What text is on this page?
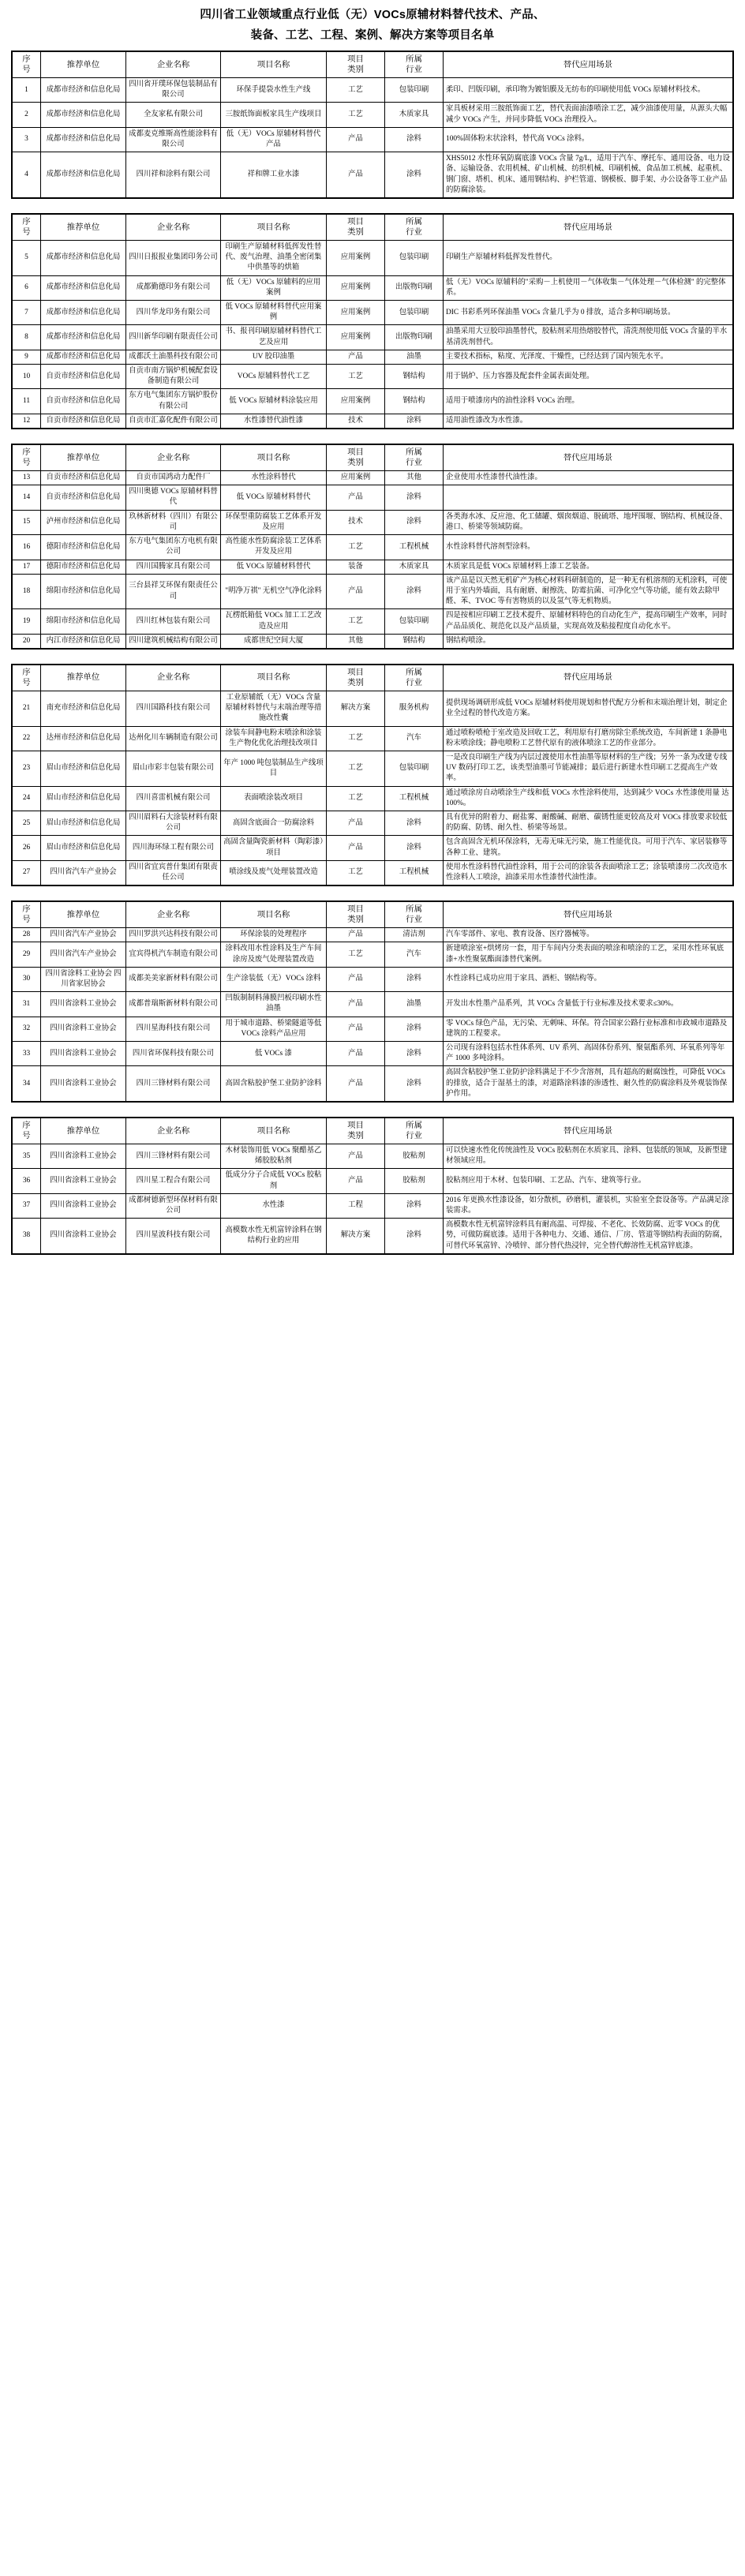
四川省工业领域重点行业低（无）VOCs原辅材料替代技术、产品、
装备、工艺、工程、案例、解决方案等项目名单
序
号	推荐单位	企业名称	项目名称	项目
类别	所属
行业	替代应用场景
1	成都市经济和信息化局	四川省开璞环保包装制品有限公司	环保手提袋水性生产线	工艺	包装印刷	柔印、凹版印刷，承印物为镀铝膜及无纺布的印刷使用低 VOCs 原辅材料技术。
2	成都市经济和信息化局	全友家私有限公司	三胺纸饰面板家具生产线项目	工艺	木质家具	家具板材采用三胺纸饰面工艺，替代表面油漆喷涂工艺，减少油漆使用量，从源头大幅减少 VOCs 产生，并同步降低 VOCs 治理投入。
3	成都市经济和信息化局	成都麦克维斯高性能涂料有限公司	低（无）VOCs 原辅材料替代产品	产品	涂料	100%固体粉末状涂料，替代高 VOCs 涂料。
4	成都市经济和信息化局	四川祥和涂料有限公司	祥和牌工业水漆	产品	涂料	XHS5012 水性环氧防腐底漆 VOCs 含量 7g/L，适用于汽车、摩托车、通用设备、电力设备、运输设备、农用机械、矿山机械、纺织机械、印刷机械、食品加工机械、起重机、钢门窗、塔机、机床、通用钢结构、护栏管道、钢模板、脚手架、办公设备等工业产品的防腐涂装。
序
号	推荐单位	企业名称	项目名称	项目
类别	所属
行业	替代应用场景
5	成都市经济和信息化局	四川日报报业集团印务公司	印刷生产原辅材料低挥发性替代、废气治理、油墨全密闭集中供墨等的烘箱	应用案例	包装印刷	印刷生产原辅材料低挥发性替代。
6	成都市经济和信息化局	成都勤德印务有限公司	低（无）VOCs 原辅料的应用案例	应用案例	出版物印刷	低（无）VOCs 原辅料的"采购－上机使用－气体收集－气体处理－气体检测" 的完整体系。
7	成都市经济和信息化局	四川华龙印务有限公司	低 VOCs 原辅材料替代应用案例	应用案例	包装印刷	DIC 书彩系列环保油墨 VOCs 含量几乎为 0 排放，适合多种印刷场景。
8	成都市经济和信息化局	四川新华印刷有限责任公司	书、报刊印刷原辅材料替代工艺及应用	应用案例	出版物印刷	油墨采用大豆胶印油墨替代，胶粘剂采用热熔胶替代，清洗剂使用低 VOCs 含量的半水基清洗剂替代。
9	成都市经济和信息化局	成都沃土油墨科技有限公司	UV 胶印油墨	产品	油墨	主要技术指标，粘度、光泽度、干燥性，已经达到了国内领先水平。
10	自贡市经济和信息化局	自贡市南方锅炉机械配套设备制造有限公司	VOCs 原辅料替代工艺	工艺	钢结构	用于锅炉、压力容器及配套件金属表面处理。
11	自贡市经济和信息化局	东方电气集团东方锅炉股份有限公司	低 VOCs 原辅材料涂装应用	应用案例	钢结构	适用于喷漆房内的油性涂料 VOCs 治理。
12	自贡市经济和信息化局	自贡市汇嘉化配件有限公司	水性漆替代油性漆	技术	涂料	适用油性漆改为水性漆。
序
号	推荐单位	企业名称	项目名称	项目
类别	所属
行业	替代应用场景
13	自贡市经济和信息化局	自贡市国鸿动力配件厂	水性涂料替代	应用案例	其他	企业使用水性漆替代油性漆。
14	自贡市经济和信息化局	四川奥德 VOCs 原辅材料替代	低 VOCs 原辅材料替代	产品	涂料	
15	泸州市经济和信息化局	玖林新材料（四川）有限公司	环保型重防腐装工艺体系开发及应用	技术	涂料	各类海水冰、反应池、化工储罐、烟囱烟道、脱硫塔、地坪围堰、钢结构、机械设备、港口、桥梁等领域防腐。
16	德阳市经济和信息化局	东方电气集团东方电机有限公司	高性能水性防腐涂装工艺体系开发及应用	工艺	工程机械	水性涂料替代溶剂型涂料。
17	德阳市经济和信息化局	四川国腾家具有限公司	低 VOCs 原辅材料替代	装备	木质家具	木质家具是低 VOCs 原辅材料上漆工艺装备。
18	绵阳市经济和信息化局	三台县祥艾环保有限责任公司	"明净万祺" 无机空气净化涂料	产品	涂料	该产品是以天然无机矿产为核心材料科研制造的，是一种无有机溶剂的无机涂料，可使用于室内外墙面，具有耐磨、耐擦洗、防霉抗菌、可净化空气等功能，能有效去除甲醛、苯、TVOC 等有害物质的以及氢气等无机物质。
19	绵阳市经济和信息化局	四川红林包装有限公司	瓦楞纸箱低 VOCs 加工工艺改造及应用	工艺	包装印刷	四是按相应印刷工艺技术提升、原辅材料特色的自动化生产，提高印刷生产效率，同时产品品质化、规范化以及产品质量，实现高效及粘接程度自动化水平。
20	内江市经济和信息化局	四川建筑机械结构有限公司	成都世纪空间大厦	其他	钢结构	钢结构喷涂。
序
号	推荐单位	企业名称	项目名称	项目
类别	所属
行业	替代应用场景
21	南充市经济和信息化局	四川国路科技有限公司	工业原辅纸（无）VOCs 含量原辅材料替代与末端治理等措施改性囊	解决方案	服务机构	提供现场调研形成低 VOCs 原辅材料使用规划和替代配方分析和末端治理计划，制定企业全过程的替代改造方案。
22	达州市经济和信息化局	达州化川车辆制造有限公司	涂装车间静电粉末喷涂和涂装生产物化优化治理技改项目	工艺	汽车	通过喷粉喷枪于室改造及回收工艺，利用原有打磨房除尘系统改造，车间新建 1 条静电粉末喷涂线；静电喷粉工艺替代原有的液体喷涂工艺的作业部分。
23	眉山市经济和信息化局	眉山市彩丰包装有限公司	年产 1000 吨包装制品生产线项目	工艺	包装印刷	一是改良印刷生产线为内层过渡使用水性油墨等原材料的生产线；另外一条为改建专线 UV 数码打印工艺，该类型油墨可节能减排；最后进行新建水性印刷工艺提高生产效率。
24	眉山市经济和信息化局	四川喜雷机械有限公司	表面喷涂装改项目	工艺	工程机械	通过喷涂房自动喷涂生产线和低 VOCs 水性涂料使用，达到减少 VOCs 水性漆使用量 达 100%。
25	眉山市经济和信息化局	四川眉料石大涂装材料有限公司	高固含底面合一防腐涂料	产品	涂料	具有优异的附着力、耐盐雾、耐酸碱、耐磨、碳锈性能更较高及对 VOCs 排放要求较低的防腐、防锈、耐久性、桥梁等场景。
26	眉山市经济和信息化局	四川海环绿工程有限公司	高固含量陶瓷新材料（陶彩漆）项目	产品	涂料	包含高固含无机环保涂料，无毒无味无污染，施工性能优良。可用于汽车、家居装修等各种工业、建筑。
27	四川省汽车产业协会	四川省宜宾普什集团有限责任公司	喷涂线及废气处理装置改造	工艺	工程机械	使用水性涂料替代油性涂料，用于公司的涂装各表面喷涂工艺；涂装喷漆房二次改造水性涂料人工喷涂，油漆采用水性漆替代油性漆。
序
号	推荐单位	企业名称	项目名称	项目
类别	所属
行业	替代应用场景
28	四川省汽车产业协会	四川罗洪兴达科技有限公司	环保涂装的处理程序	产品	清洁剂	汽车零部件、家电、教育设备、医疗器械等。
29	四川省汽车产业协会	宜宾得机汽车制造有限公司	涂料改用水性涂料及生产车间涂房及废气处理装置改造	工艺	汽车	新建喷涂室+烘烤房一套，用于车间内分类表面的喷涂和喷涂的工艺，采用水性环氧底漆+水性聚氨酯面漆替代案例。
30	四川省涂料工业协会 四川省家居协会	成都美美家新材料有限公司	生产涂装低（无）VOCs 涂料	产品	涂料	水性涂料已成功应用于家具、酒柜、钢结构等。
31	四川省涂料工业协会	成都普瑞斯新材料有限公司	凹版制制料薄膜凹板印刷水性油墨	产品	油墨	开发出水性墨产品系列，其 VOCs 含量低于行业标准及技术要求≤30%。
32	四川省涂料工业协会	四川星海科技有限公司	用于城市道路、桥梁隧道等低 VOCs 涂料产品应用	产品	涂料	零 VOCs 绿色产品，无污染、无刺味、环保。符合国家公路行业标准和市政城市道路及建筑的工程要求。
33	四川省涂料工业协会	四川省环保科技有限公司	低 VOCs 漆	产品	涂料	公司现有涂料包括水性体系列、UV 系列、高固体份系列、聚氨酯系列、环氧系列等年产 1000 多吨涂料。
34	四川省涂料工业协会	四川三锋材料有限公司	高固含粘胶护堡工业防护涂料	产品	涂料	高固含粘胶护堡工业防护涂料满足于不少含溶剂，具有超高的耐腐蚀性，可降低 VOCs 的排放，适合于湿基土的漆，对道路涂料漆的渗透性、耐久性的防腐涂料及外观装饰保护作用。
序
号	推荐单位	企业名称	项目名称	项目
类别	所属
行业	替代应用场景
35	四川省涂料工业协会	四川三锋材料有限公司	木材装饰用低 VOCs 聚醋基乙烯胶胶粘剂	产品	胶粘剂	可以快速水性化传统油性及 VOCs 胶粘剂在水质家具、涂料、包装纸的领域，及新型建材领域应用。
36	四川省涂料工业协会	四川星工程合有限公司	低成分分子合成低 VOCs 胶粘剂	产品	胶粘剂	胶粘剂应用于木材、包装印刷、工艺品、汽车、建筑等行业。
37	四川省涂料工业协会	成都树德新型环保材料有限公司	水性漆	工程	涂料	2016 年更换水性漆设备，如分散机，砂磨机，灌装机，实验室全套设备等。产品满足涂装需求。
38	四川省涂料工业协会	四川星波科技有限公司	高模数水性无机富锌涂料在钢结构行业的应用	解决方案	涂料	高模数水性无机富锌涂料具有耐高温、可焊接、不老化、长效防腐、近零 VOCs 的优势，可做防腐底漆。适用于各种电力、交通、通信、厂房、管道等钢结构表面的防腐，可替代环氧富锌、冷喷锌、部分替代热浸锌，完全替代醇溶性无机富锌底漆。
